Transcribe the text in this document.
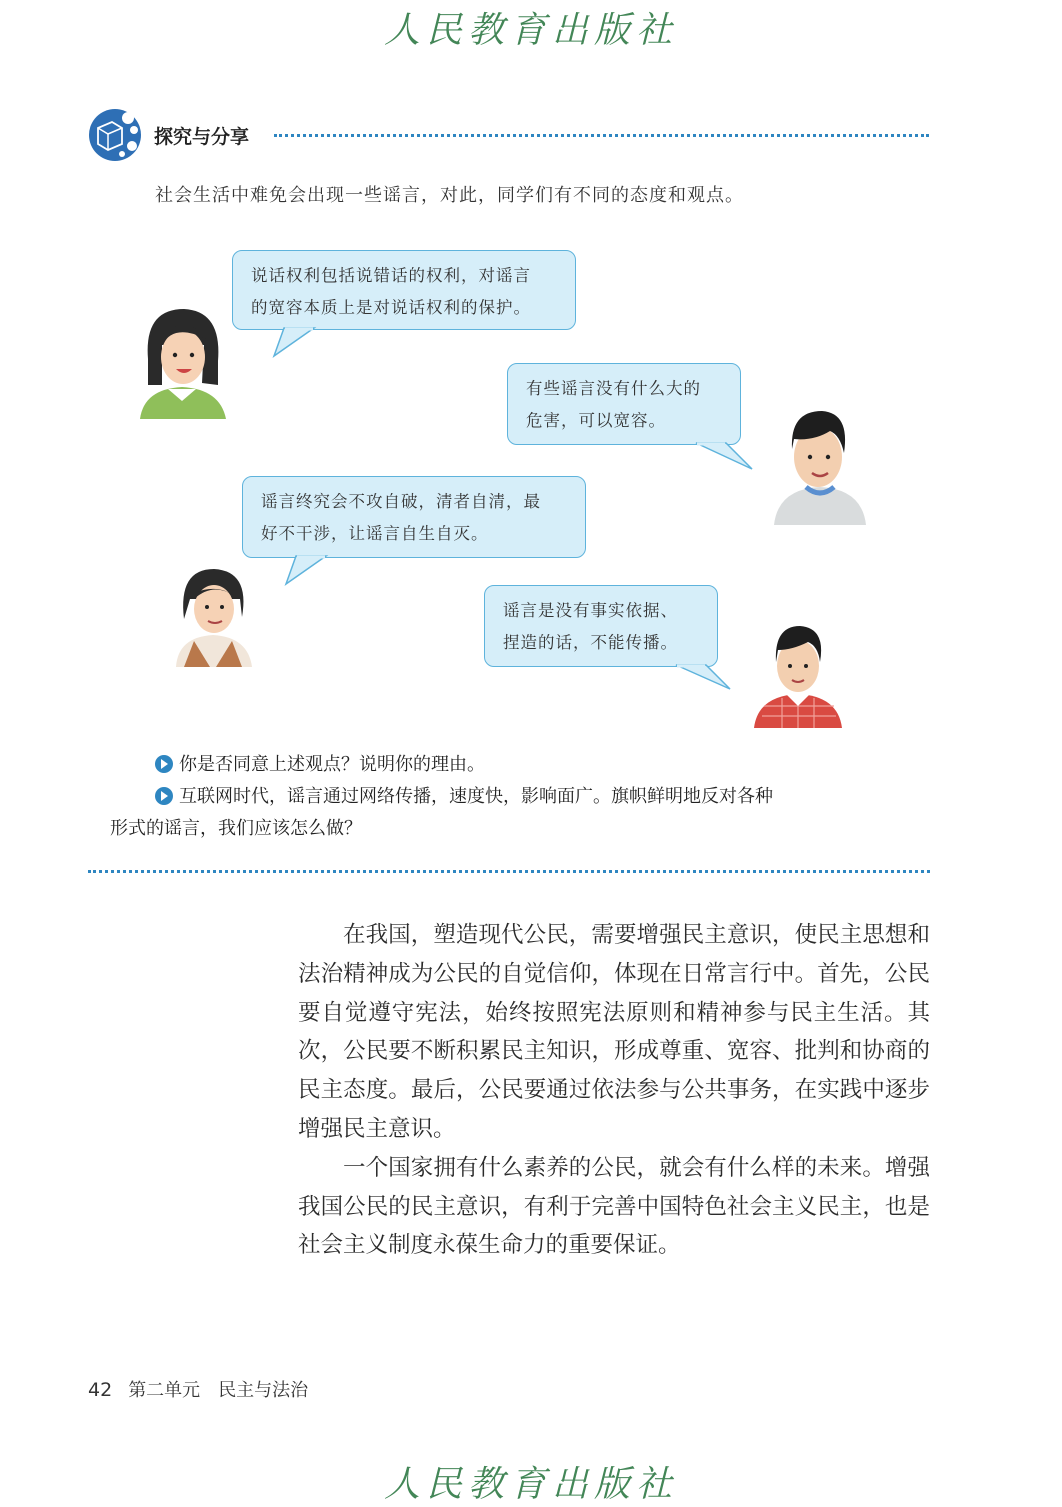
人民教育出版社
探究与分享
社会生活中难免会出现一些谣言，对此，同学们有不同的态度和观点。
说话权利包括说错话的权利，对谣言
的宽容本质上是对说话权利的保护。
有些谣言没有什么大的
危害，可以宽容。
谣言终究会不攻自破，清者自清，最
好不干涉，让谣言自生自灭。
谣言是没有事实依据、
捏造的话，不能传播。
你是否同意上述观点？说明你的理由。
互联网时代，谣言通过网络传播，速度快，影响面广。旗帜鲜明地反对各种
形式的谣言，我们应该怎么做？

在我国，塑造现代公民，需要增强民主意识，使民主思想和法治精神成为公民的自觉信仰，体现在日常言行中。首先，公民要自觉遵守宪法，始终按照宪法原则和精神参与民主生活。其次，公民要不断积累民主知识，形成尊重、宽容、批判和协商的民主态度。最后，公民要通过依法参与公共事务，在实践中逐步增强民主意识。

一个国家拥有什么素养的公民，就会有什么样的未来。增强我国公民的民主意识，有利于完善中国特色社会主义民主，也是社会主义制度永葆生命力的重要保证。

42 第二单元 民主与法治
人民教育出版社
